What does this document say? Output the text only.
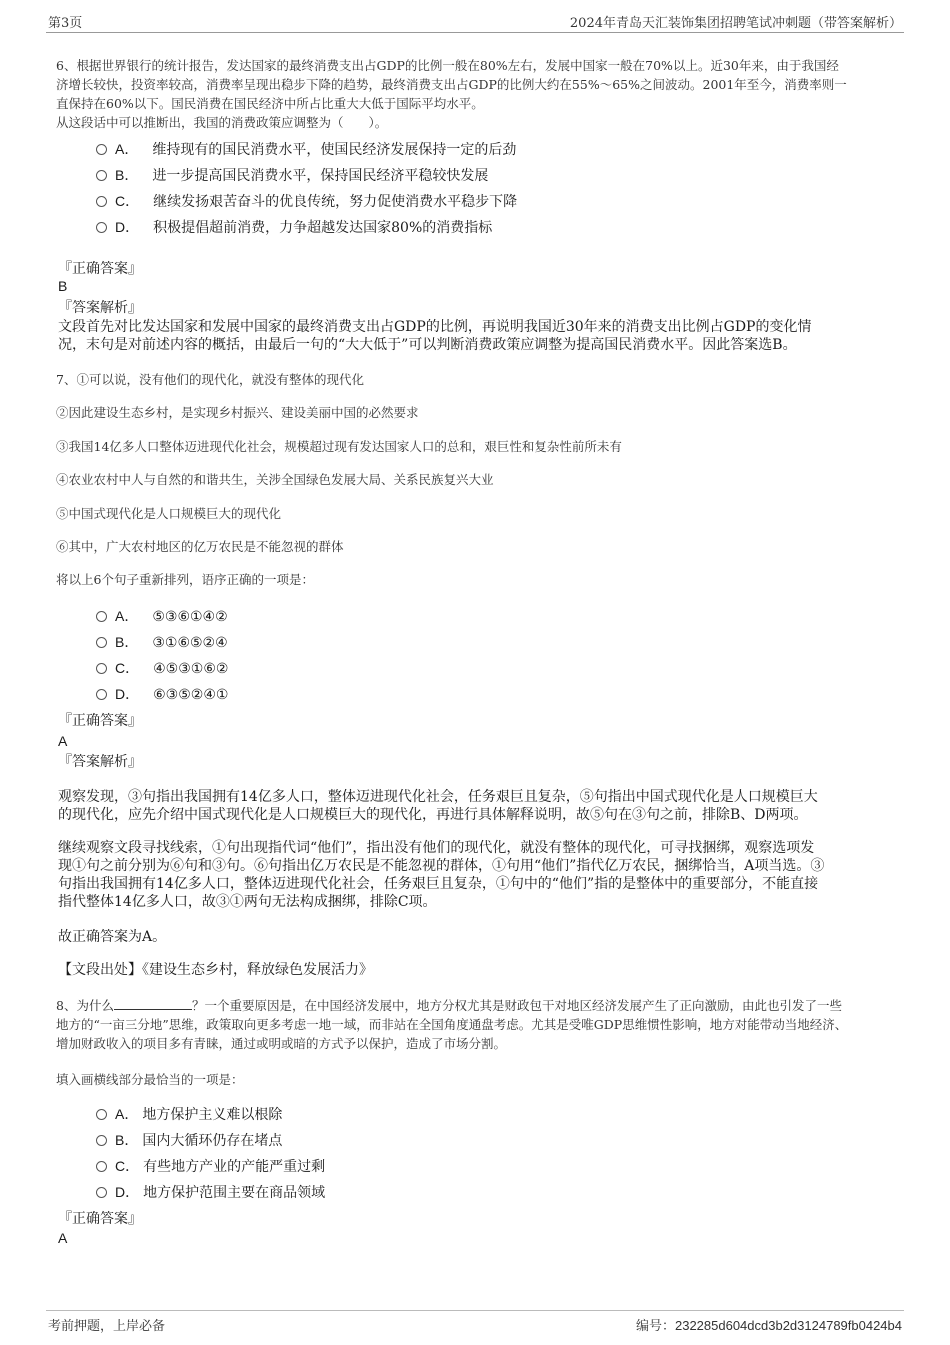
第3页	2024年青岛天汇装饰集团招聘笔试冲刺题（带答案解析）
6、根据世界银行的统计报告，发达国家的最终消费支出占GDP的比例一般在80%左右，发展中国家一般在70%以上。近30年来，由于我国经
济增长较快，投资率较高，消费率呈现出稳步下降的趋势，最终消费支出占GDP的比例大约在55%～65%之间波动。2001年至今，消费率则一
直保持在60%以下。国民消费在国民经济中所占比重大大低于国际平均水平。
从这段话中可以推断出，我国的消费政策应调整为（　　）。
A． 维持现有的国民消费水平，使国民经济发展保持一定的后劲
B． 进一步提高国民消费水平，保持国民经济平稳较快发展
C． 继续发扬艰苦奋斗的优良传统，努力促使消费水平稳步下降
D． 积极提倡超前消费，力争超越发达国家80%的消费指标
『正确答案』
B
『答案解析』
文段首先对比发达国家和发展中国家的最终消费支出占GDP的比例，再说明我国近30年来的消费支出比例占GDP的变化情
况，末句是对前述内容的概括，由最后一句的“大大低于”可以判断消费政策应调整为提高国民消费水平。因此答案选B。
7、①可以说，没有他们的现代化，就没有整体的现代化
②因此建设生态乡村，是实现乡村振兴、建设美丽中国的必然要求
③我国14亿多人口整体迈进现代化社会，规模超过现有发达国家人口的总和，艰巨性和复杂性前所未有
④农业农村中人与自然的和谐共生，关涉全国绿色发展大局、关系民族复兴大业
⑤中国式现代化是人口规模巨大的现代化
⑥其中，广大农村地区的亿万农民是不能忽视的群体
将以上6个句子重新排列，语序正确的一项是：
A． ⑤③⑥①④②
B． ③①⑥⑤②④
C． ④⑤③①⑥②
D． ⑥③⑤②④①
『正确答案』
A
『答案解析』
观察发现，③句指出我国拥有14亿多人口，整体迈进现代化社会，任务艰巨且复杂，⑤句指出中国式现代化是人口规模巨大
的现代化，应先介绍中国式现代化是人口规模巨大的现代化，再进行具体解释说明，故⑤句在③句之前，排除B、D两项。
继续观察文段寻找线索，①句出现指代词“他们”，指出没有他们的现代化，就没有整体的现代化，可寻找捆绑，观察选项发
现①句之前分别为⑥句和③句。⑥句指出亿万农民是不能忽视的群体，①句用“他们”指代亿万农民，捆绑恰当，A项当选。③
句指出我国拥有14亿多人口，整体迈进现代化社会，任务艰巨且复杂，①句中的“他们”指的是整体中的重要部分，不能直接
指代整体14亿多人口，故③①两句无法构成捆绑，排除C项。
故正确答案为A。
【文段出处】《建设生态乡村，释放绿色发展活力》
8、为什么	？一个重要原因是，在中国经济发展中，地方分权尤其是财政包干对地区经济发展产生了正向激励，由此也引发了一些
地方的“一亩三分地”思维，政策取向更多考虑一地一域，而非站在全国角度通盘考虑。尤其是受唯GDP思维惯性影响，地方对能带动当地经济、
增加财政收入的项目多有青睐，通过或明或暗的方式予以保护，造成了市场分割。
填入画横线部分最恰当的一项是：
A． 地方保护主义难以根除
B． 国内大循环仍存在堵点
C． 有些地方产业的产能严重过剩
D． 地方保护范围主要在商品领域
『正确答案』
A
考前押题，上岸必备	编号：232285d604dcd3b2d3124789fb0424b4
